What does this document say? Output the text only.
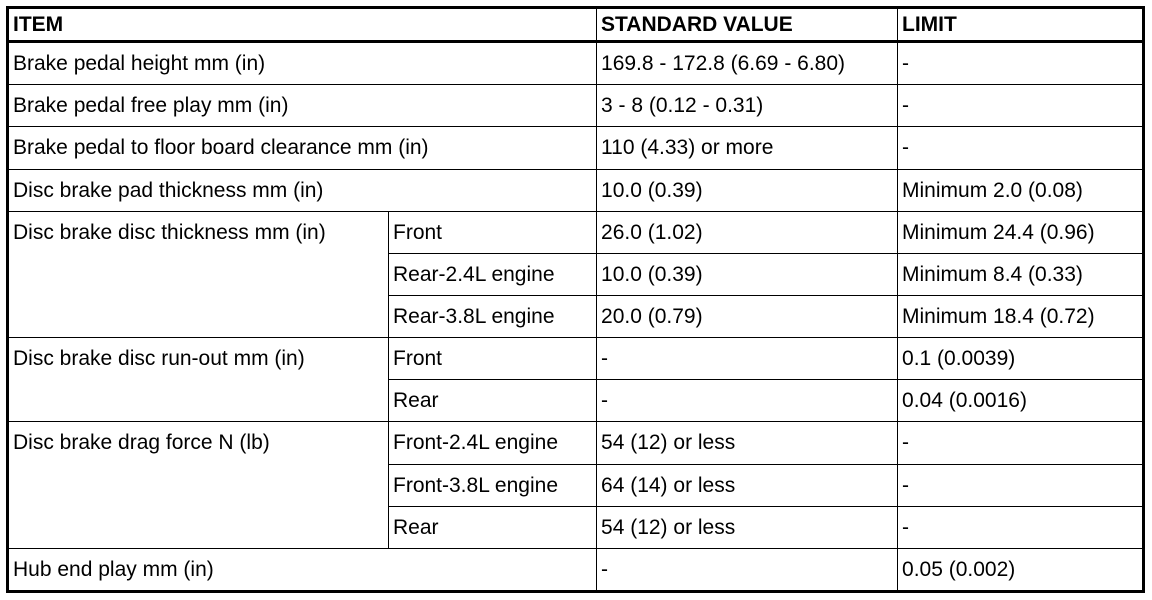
ITEM		STANDARD VALUE	LIMIT
Brake pedal height mm (in)		169.8 - 172.8 (6.69 - 6.80)	-
Brake pedal free play mm (in)		3 - 8 (0.12 - 0.31)	-
Brake pedal to floor board clearance mm (in)		110 (4.33) or more	-
Disc brake pad thickness mm (in)		10.0 (0.39)	Minimum 2.0 (0.08)
Disc brake disc thickness mm (in)	Front	26.0 (1.02)	Minimum 24.4 (0.96)
	Rear-2.4L engine	10.0 (0.39)	Minimum 8.4 (0.33)
	Rear-3.8L engine	20.0 (0.79)	Minimum 18.4 (0.72)
Disc brake disc run-out mm (in)	Front	-	0.1 (0.0039)
	Rear	-	0.04 (0.0016)
Disc brake drag force N (lb)	Front-2.4L engine	54 (12) or less	-
	Front-3.8L engine	64 (14) or less	-
	Rear	54 (12) or less	-
Hub end play mm (in)		-	0.05 (0.002)
